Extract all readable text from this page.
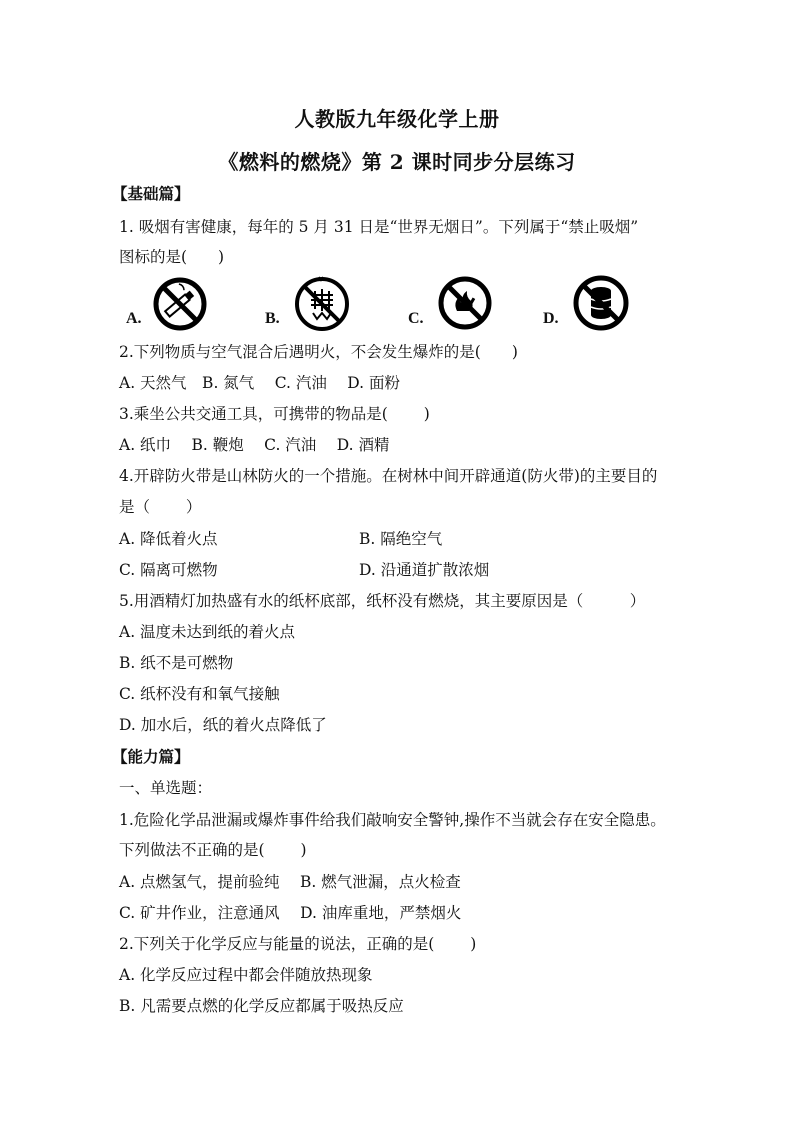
人教版九年级化学上册
《燃料的燃烧》第 2 课时同步分层练习
【基础篇】
1. 吸烟有害健康，每年的 5 月 31 日是“世界无烟日”。下列属于“禁止吸烟”
图标的是(　　)
A.	B.	C.	D.
2.下列物质与空气混合后遇明火，不会发生爆炸的是(　　)
A. 天然气　B. 氮气　 C. 汽油　 D. 面粉
3.乘坐公共交通工具，可携带的物品是(　　 )
A. 纸巾　 B. 鞭炮　 C. 汽油　 D. 酒精
4.开辟防火带是山林防火的一个措施。在树林中间开辟通道(防火带)的主要目的
是（　　 ）
A. 降低着火点	B. 隔绝空气
C. 隔离可燃物	D. 沿通道扩散浓烟
5.用酒精灯加热盛有水的纸杯底部，纸杯没有燃烧，其主要原因是（　　　）
A. 温度未达到纸的着火点
B. 纸不是可燃物
C. 纸杯没有和氧气接触
D. 加水后，纸的着火点降低了
【能力篇】
一、单选题：
1.危险化学品泄漏或爆炸事件给我们敲响安全警钟,操作不当就会存在安全隐患。
下列做法不正确的是(　　 )
A. 点燃氢气，提前验纯　 B. 燃气泄漏，点火检查
C. 矿井作业，注意通风　 D. 油库重地，严禁烟火
2.下列关于化学反应与能量的说法，正确的是(　　 )
A. 化学反应过程中都会伴随放热现象
B. 凡需要点燃的化学反应都属于吸热反应
